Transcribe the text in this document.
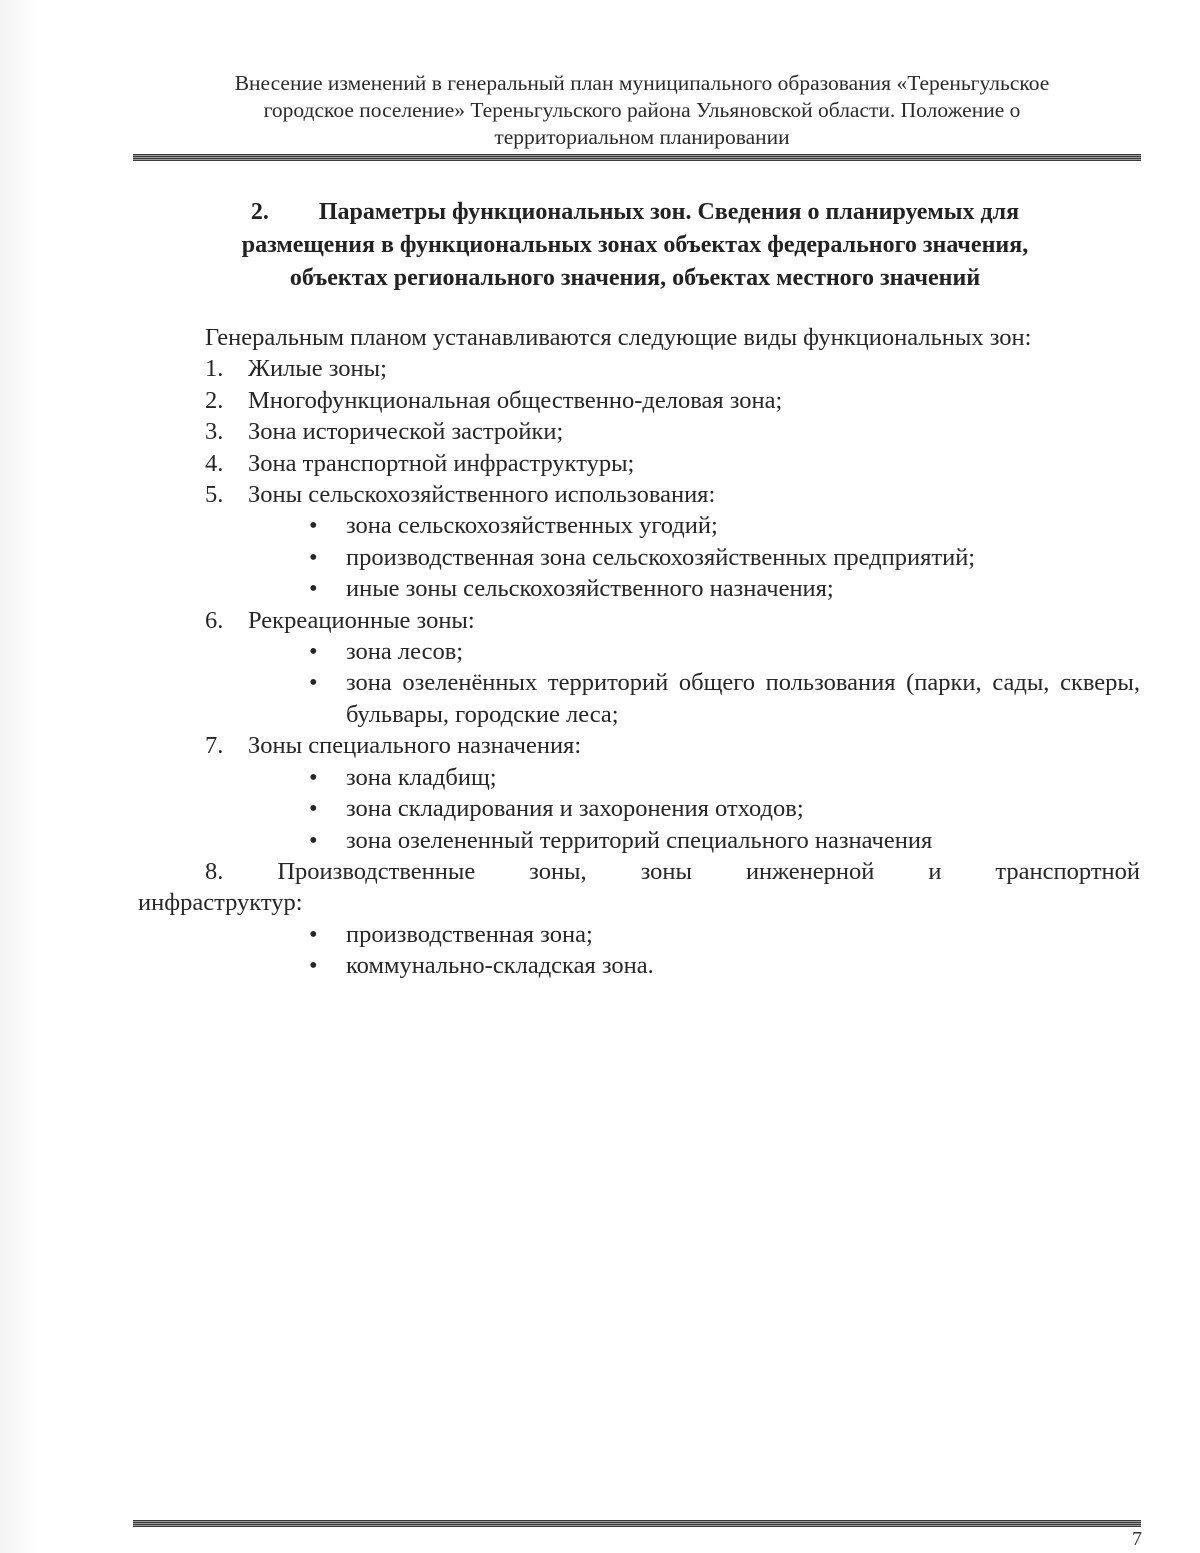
Внесение изменений в генеральный план муниципального образования «Тереньгульское
городское поселение» Тереньгульского района Ульяновской области. Положение о
территориальном планировании
2. Параметры функциональных зон. Сведения о планируемых для
размещения в функциональных зонах объектах федерального значения,
объектах регионального значения, объектах местного значений

Генеральным планом устанавливаются следующие виды функциональных зон:

1. Жилые зоны;
2. Многофункциональная общественно-деловая зона;
3. Зона исторической застройки;
4. Зона транспортной инфраструктуры;
5. Зоны сельскохозяйственного использования:
• зона сельскохозяйственных угодий;
• производственная зона сельскохозяйственных предприятий;
• иные зоны сельскохозяйственного назначения;
6. Рекреационные зоны:
• зона лесов;
• зона озеленённых территорий общего пользования (парки, сады, скверы, бульвары, городские леса;
7. Зоны специального назначения:
• зона кладбищ;
• зона складирования и захоронения отходов;
• зона озелененный территорий специального назначения
8. Производственные зоны, зоны инженерной и транспортной

инфраструктур:

• производственная зона;
• коммунально-складская зона.
7
